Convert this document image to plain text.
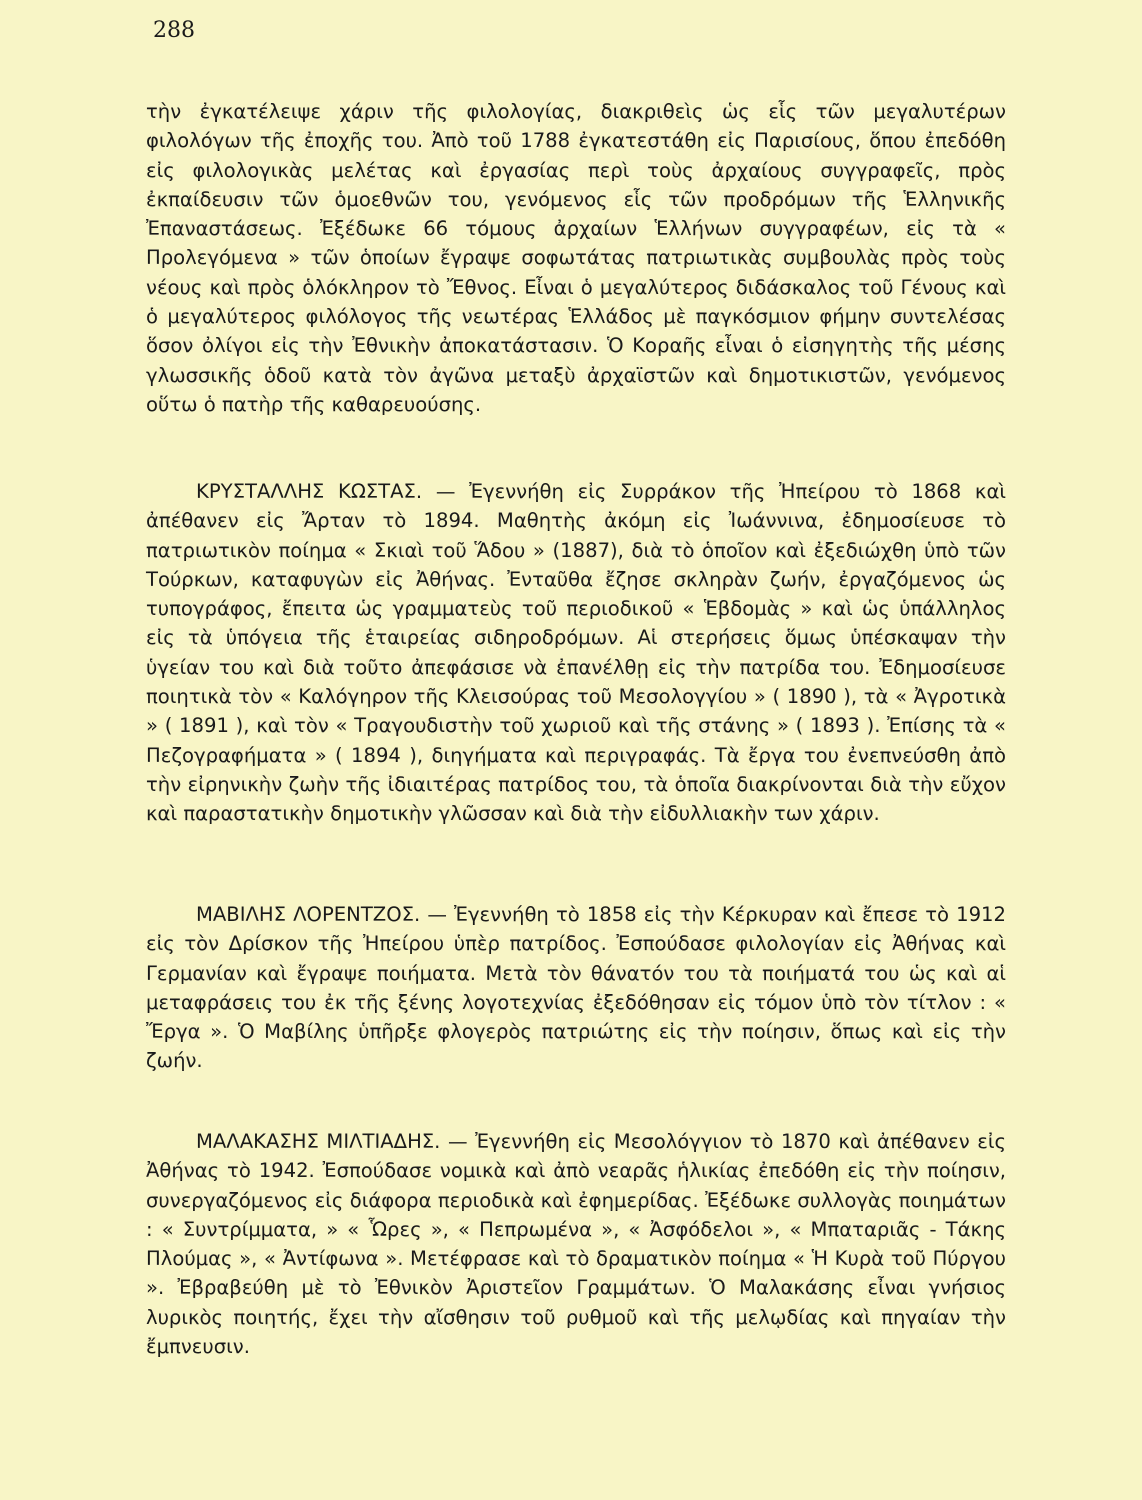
288

τὴν ἐγκατέλειψε χάριν τῆς φιλολογίας, διακριθεὶς ὡς εἷς τῶν μεγαλυτέρων φιλολόγων τῆς ἐποχῆς του. Ἀπὸ τοῦ 1788 ἐγκατεστάθη εἰς Παρισίους, ὅπου ἐπεδόθη εἰς φιλολογικὰς μελέτας καὶ ἐργασίας περὶ τοὺς ἀρχαίους συγγραφεῖς, πρὸς ἐκπαίδευσιν τῶν ὁμοεθνῶν του, γενόμενος εἷς τῶν προδρόμων τῆς Ἑλληνικῆς Ἐπαναστάσεως. Ἐξέδωκε 66 τόμους ἀρχαίων Ἑλλήνων συγγραφέων, εἰς τὰ « Προλεγόμενα » τῶν ὁποίων ἔγραψε σοφωτάτας πατριωτικὰς συμβουλὰς πρὸς τοὺς νέους καὶ πρὸς ὁλόκληρον τὸ Ἔθνος. Εἶναι ὁ μεγαλύτερος διδάσκαλος τοῦ Γένους καὶ ὁ μεγαλύτερος φιλόλογος τῆς νεωτέρας Ἑλλάδος μὲ παγκόσμιον φήμην συντελέσας ὅσον ὀλίγοι εἰς τὴν Ἐθνικὴν ἀποκατάστασιν. Ὁ Κοραῆς εἶναι ὁ εἰσηγητὴς τῆς μέσης γλωσσικῆς ὁδοῦ κατὰ τὸν ἀγῶνα μεταξὺ ἀρχαϊστῶν καὶ δημοτικιστῶν, γενόμενος οὕτω ὁ πατὴρ τῆς καθαρευούσης.

ΚΡΥΣΤΑΛΛΗΣ ΚΩΣΤΑΣ. — Ἐγεννήθη εἰς Συρράκον τῆς Ἠπείρου τὸ 1868 καὶ ἀπέθανεν εἰς Ἄρταν τὸ 1894. Μαθητὴς ἀκόμη εἰς Ἰωάννινα, ἐδημοσίευσε τὸ πατριωτικὸν ποίημα « Σκιαὶ τοῦ Ἅδου » (1887), διὰ τὸ ὁποῖον καὶ ἐξεδιώχθη ὑπὸ τῶν Τούρκων, καταφυγὼν εἰς Ἀθήνας. Ἐνταῦθα ἔζησε σκληρὰν ζωήν, ἐργαζόμενος ὡς τυπογράφος, ἔπειτα ὡς γραμματεὺς τοῦ περιοδικοῦ « Ἑβδομὰς » καὶ ὡς ὑπάλληλος εἰς τὰ ὑπόγεια τῆς ἑταιρείας σιδηροδρόμων. Αἱ στερήσεις ὅμως ὑπέσκαψαν τὴν ὑγείαν του καὶ διὰ τοῦτο ἀπεφάσισε νὰ ἐπανέλθῃ εἰς τὴν πατρίδα του. Ἐδημοσίευσε ποιητικὰ τὸν « Καλόγηρον τῆς Κλεισούρας τοῦ Μεσολογγίου » ( 1890 ), τὰ « Ἀγροτικὰ » ( 1891 ), καὶ τὸν « Τραγουδιστὴν τοῦ χωριοῦ καὶ τῆς στάνης » ( 1893 ). Ἐπίσης τὰ « Πεζογραφήματα » ( 1894 ), διηγήματα καὶ περιγραφάς. Τὰ ἔργα του ἐνεπνεύσθη ἀπὸ τὴν εἰρηνικὴν ζωὴν τῆς ἰδιαιτέρας πατρίδος του, τὰ ὁποῖα διακρίνονται διὰ τὴν εὔχον καὶ παραστατικὴν δημοτικὴν γλῶσσαν καὶ διὰ τὴν εἰδυλλιακὴν των χάριν.

ΜΑΒΙΛΗΣ ΛΟΡΕΝΤΖΟΣ. — Ἐγεννήθη τὸ 1858 εἰς τὴν Κέρκυραν καὶ ἔπεσε τὸ 1912 εἰς τὸν Δρίσκον τῆς Ἠπείρου ὑπὲρ πατρίδος. Ἐσπούδασε φιλολογίαν εἰς Ἀθήνας καὶ Γερμανίαν καὶ ἔγραψε ποιήματα. Μετὰ τὸν θάνατόν του τὰ ποιήματά του ὡς καὶ αἱ μεταφράσεις του ἐκ τῆς ξένης λογοτεχνίας ἐξεδόθησαν εἰς τόμον ὑπὸ τὸν τίτλον : « Ἔργα ». Ὁ Μαβίλης ὑπῆρξε φλογερὸς πατριώτης εἰς τὴν ποίησιν, ὅπως καὶ εἰς τὴν ζωήν.

ΜΑΛΑΚΑΣΗΣ ΜΙΛΤΙΑΔΗΣ. — Ἐγεννήθη εἰς Μεσολόγγιον τὸ 1870 καὶ ἀπέθανεν εἰς Ἀθήνας τὸ 1942. Ἐσπούδασε νομικὰ καὶ ἀπὸ νεαρᾶς ἡλικίας ἐπεδόθη εἰς τὴν ποίησιν, συνεργαζόμενος εἰς διάφορα περιοδικὰ καὶ ἐφημερίδας. Ἐξέδωκε συλλογὰς ποιημάτων : « Συντρίμματα, » « Ὧρες », « Πεπρωμένα », « Ἀσφόδελοι », « Μπαταριᾶς - Τάκης Πλούμας », « Ἀντίφωνα ». Μετέφρασε καὶ τὸ δραματικὸν ποίημα « Ἡ Κυρὰ τοῦ Πύργου ». Ἐβραβεύθη μὲ τὸ Ἐθνικὸν Ἀριστεῖον Γραμμάτων. Ὁ Μαλακάσης εἶναι γνήσιος λυρικὸς ποιητής, ἔχει τὴν αἴσθησιν τοῦ ρυθμοῦ καὶ τῆς μελῳδίας καὶ πηγαίαν τὴν ἔμπνευσιν.
